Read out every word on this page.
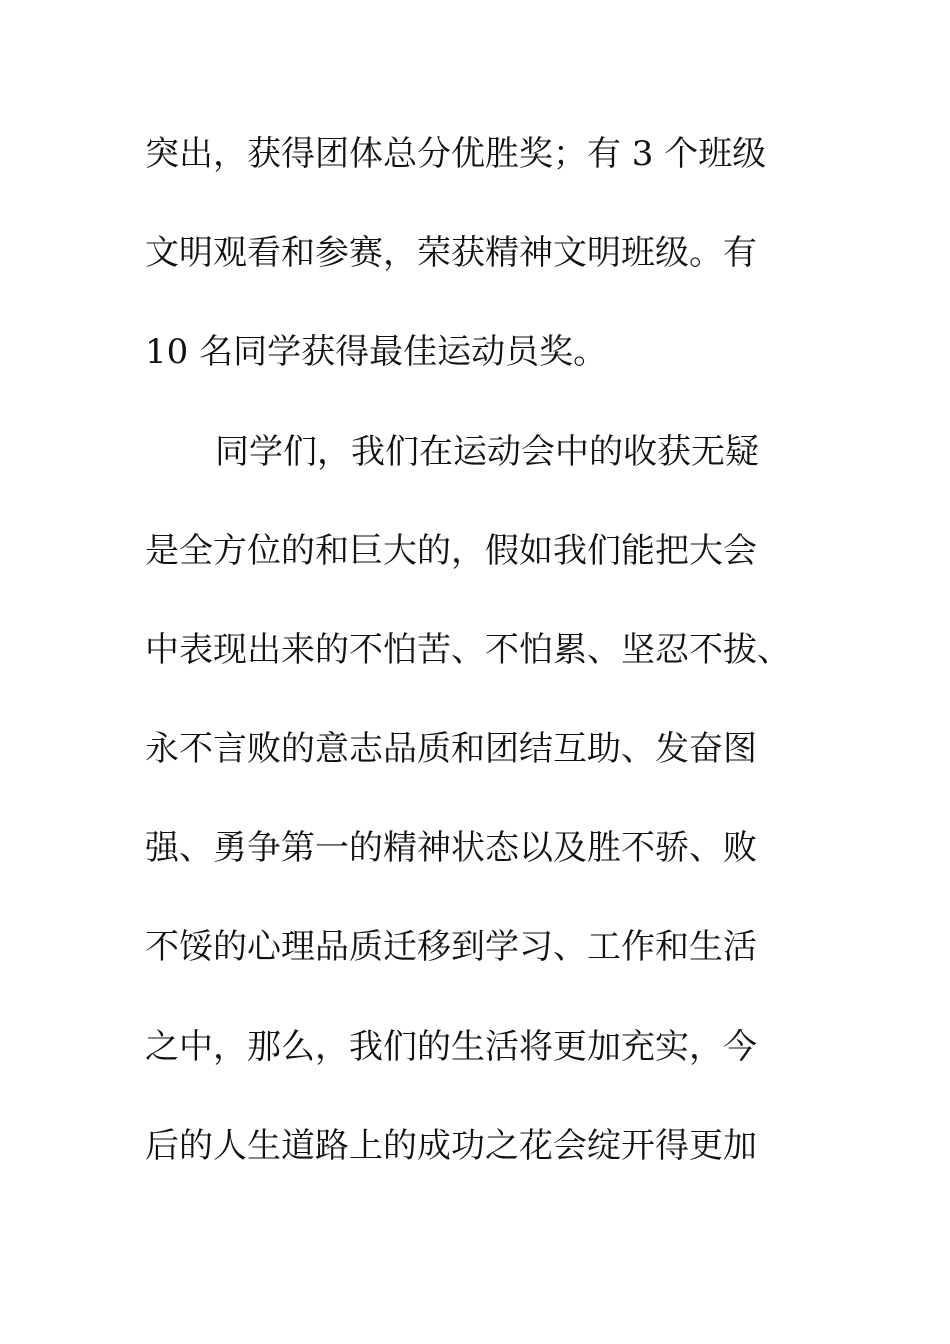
突出，获得团体总分优胜奖；有 3 个班级

文明观看和参赛，荣获精神文明班级。有

10 名同学获得最佳运动员奖。

同学们，我们在运动会中的收获无疑

是全方位的和巨大的，假如我们能把大会

中表现出来的不怕苦、不怕累、坚忍不拔、

永不言败的意志品质和团结互助、发奋图

强、勇争第一的精神状态以及胜不骄、败

不馁的心理品质迁移到学习、工作和生活

之中，那么，我们的生活将更加充实，今

后的人生道路上的成功之花会绽开得更加
